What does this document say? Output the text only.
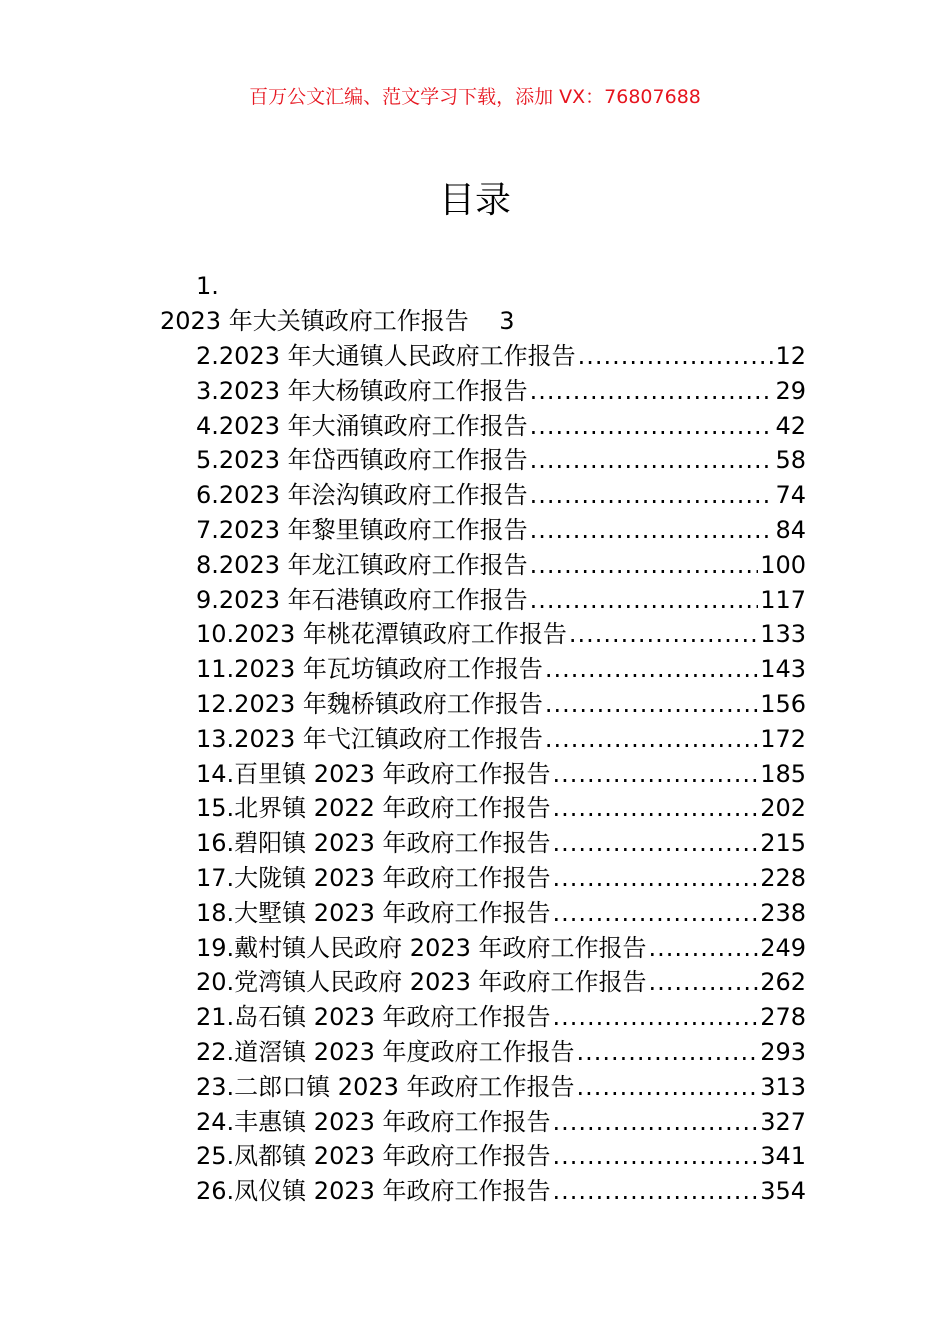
百万公文汇编、范文学习下载，添加 VX：76807688
目录
1.
2023 年大关镇政府工作报告 3
2.2023 年大通镇人民政府工作报告 .....	12
3.2023 年大杨镇政府工作报告 .....	29
4.2023 年大涌镇政府工作报告 .....	42
5.2023 年岱西镇政府工作报告 .....	58
6.2023 年浍沟镇政府工作报告 .....	74
7.2023 年黎里镇政府工作报告 .....	84
8.2023 年龙江镇政府工作报告 .....	100
9.2023 年石港镇政府工作报告 .....	117
10.2023 年桃花潭镇政府工作报告 .....	133
11.2023 年瓦坊镇政府工作报告 .....	143
12.2023 年魏桥镇政府工作报告 .....	156
13.2023 年弋江镇政府工作报告 .....	172
14.百里镇 2023 年政府工作报告 .....	185
15.北界镇 2022 年政府工作报告 .....	202
16.碧阳镇 2023 年政府工作报告 .....	215
17.大陇镇 2023 年政府工作报告 .....	228
18.大墅镇 2023 年政府工作报告 .....	238
19.戴村镇人民政府 2023 年政府工作报告 .....	249
20.党湾镇人民政府 2023 年政府工作报告 .....	262
21.岛石镇 2023 年政府工作报告 .....	278
22.道滘镇 2023 年度政府工作报告 .....	293
23.二郎口镇 2023 年政府工作报告 .....	313
24.丰惠镇 2023 年政府工作报告 .....	327
25.凤都镇 2023 年政府工作报告 .....	341
26.凤仪镇 2023 年政府工作报告 .....	354
